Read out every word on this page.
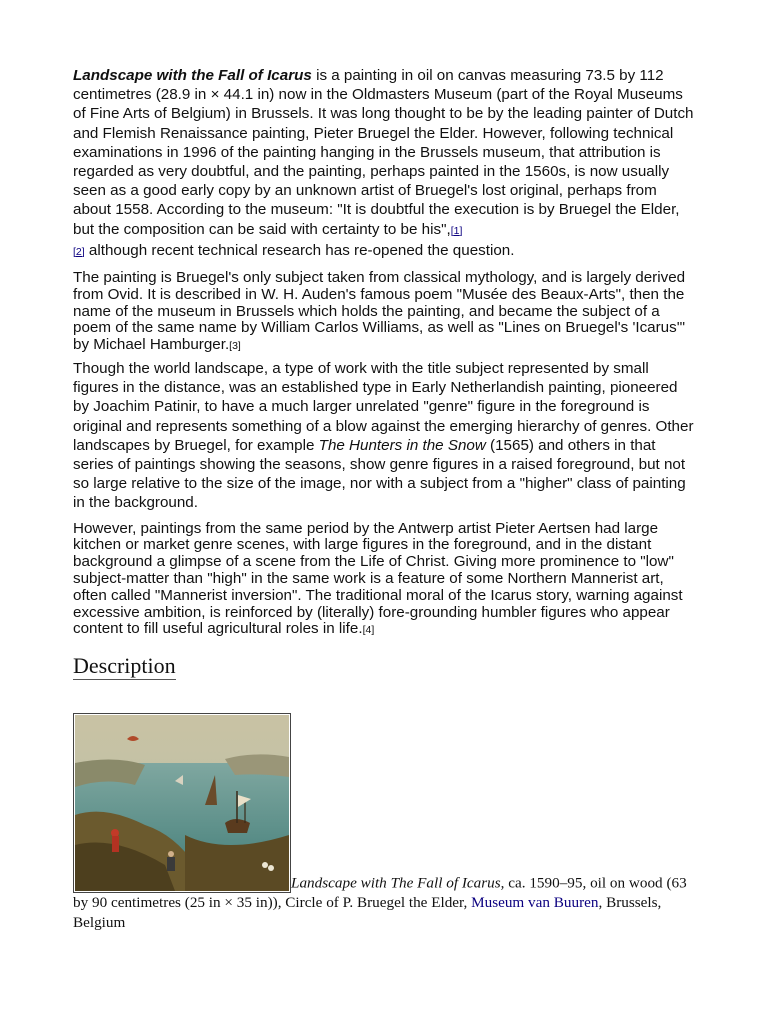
Landscape with the Fall of Icarus is a painting in oil on canvas measuring 73.5 by 112 centimetres (28.9 in × 44.1 in) now in the Oldmasters Museum (part of the Royal Museums of Fine Arts of Belgium) in Brussels. It was long thought to be by the leading painter of Dutch and Flemish Renaissance painting, Pieter Bruegel the Elder. However, following technical examinations in 1996 of the painting hanging in the Brussels museum, that attribution is regarded as very doubtful, and the painting, perhaps painted in the 1560s, is now usually seen as a good early copy by an unknown artist of Bruegel's lost original, perhaps from about 1558. According to the museum: "It is doubtful the execution is by Bruegel the Elder, but the composition can be said with certainty to be his",[1]
[2] although recent technical research has re-opened the question.

The painting is Bruegel's only subject taken from classical mythology, and is largely derived from Ovid. It is described in W. H. Auden's famous poem "Musée des Beaux-Arts", then the name of the museum in Brussels which holds the painting, and became the subject of a poem of the same name by William Carlos Williams, as well as "Lines on Bruegel's 'Icarus'" by Michael Hamburger.[3]

Though the world landscape, a type of work with the title subject represented by small figures in the distance, was an established type in Early Netherlandish painting, pioneered by Joachim Patinir, to have a much larger unrelated "genre" figure in the foreground is original and represents something of a blow against the emerging hierarchy of genres. Other landscapes by Bruegel, for example The Hunters in the Snow (1565) and others in that series of paintings showing the seasons, show genre figures in a raised foreground, but not so large relative to the size of the image, nor with a subject from a "higher" class of painting in the background.

However, paintings from the same period by the Antwerp artist Pieter Aertsen had large kitchen or market genre scenes, with large figures in the foreground, and in the distant background a glimpse of a scene from the Life of Christ. Giving more prominence to "low" subject-matter than "high" in the same work is a feature of some Northern Mannerist art, often called "Mannerist inversion". The traditional moral of the Icarus story, warning against excessive ambition, is reinforced by (literally) fore-grounding humbler figures who appear content to fill useful agricultural roles in life.[4]

Description
Landscape with The Fall of Icarus, ca. 1590–95, oil on wood (63 by 90 centimetres (25 in × 35 in)), Circle of P. Bruegel the Elder, Museum van Buuren, Brussels, Belgium
